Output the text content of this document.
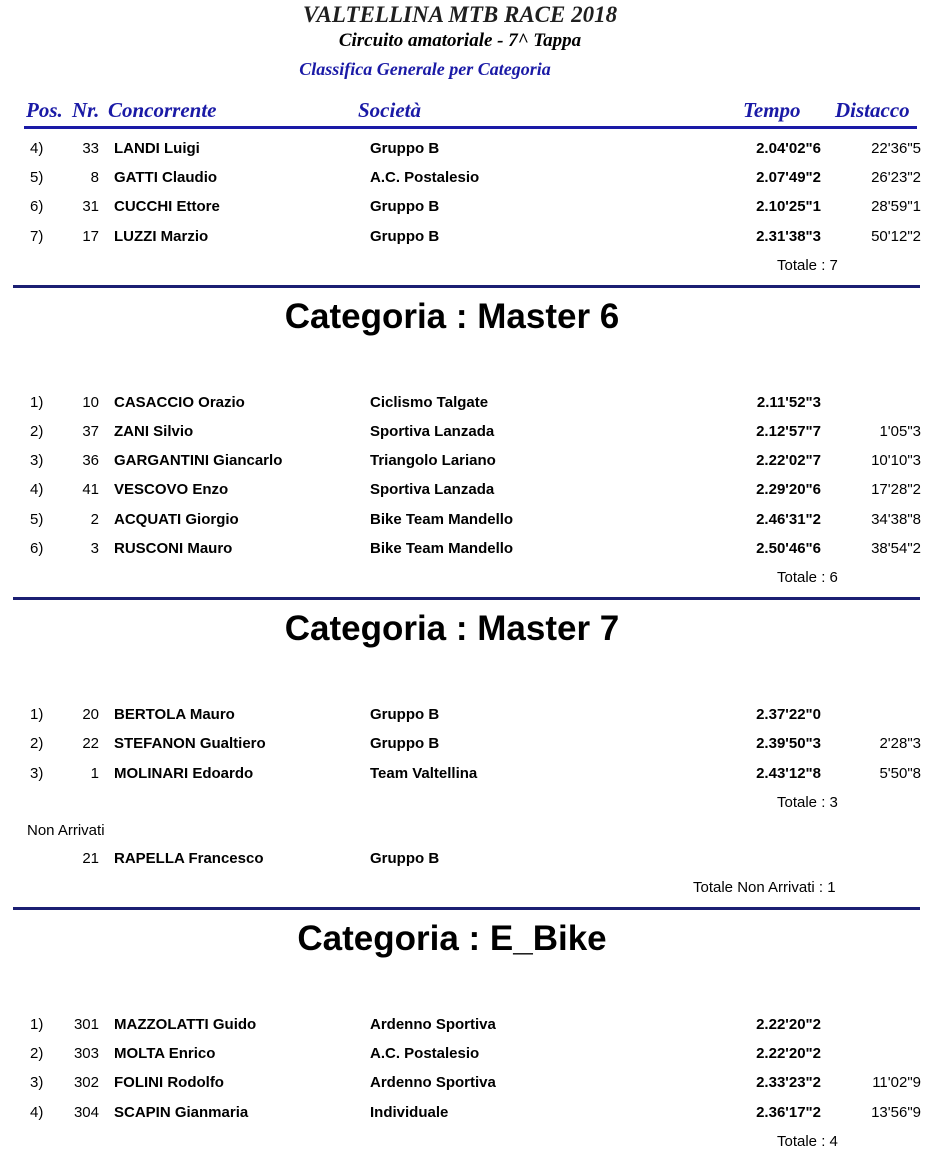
VALTELLINA MTB RACE 2018
Circuito amatoriale - 7^ Tappa
Classifica Generale per Categoria
Pos. Nr. Concorrente	Società	Tempo Distacco
4)	33 LANDI Luigi	Gruppo B	2.04'02"6	22'36"5
5)	8 GATTI Claudio	A.C. Postalesio	2.07'49"2	26'23"2
6)	31 CUCCHI Ettore	Gruppo B	2.10'25"1	28'59"1
7)	17 LUZZI Marzio	Gruppo B	2.31'38"3	50'12"2
Totale : 7
Categoria : Master 6
1)	10 CASACCIO Orazio	Ciclismo Talgate	2.11'52"3
2)	37 ZANI Silvio	Sportiva Lanzada	2.12'57"7	1'05"3
3)	36 GARGANTINI Giancarlo	Triangolo Lariano	2.22'02"7	10'10"3
4)	41 VESCOVO Enzo	Sportiva Lanzada	2.29'20"6	17'28"2
5)	2 ACQUATI Giorgio	Bike Team Mandello	2.46'31"2	34'38"8
6)	3 RUSCONI Mauro	Bike Team Mandello	2.50'46"6	38'54"2
Totale : 6
Categoria : Master 7
1)	20 BERTOLA Mauro	Gruppo B	2.37'22"0
2)	22 STEFANON Gualtiero	Gruppo B	2.39'50"3	2'28"3
3)	1 MOLINARI Edoardo	Team Valtellina	2.43'12"8	5'50"8
Totale : 3
Non Arrivati
21 RAPELLA Francesco	Gruppo B
Totale Non Arrivati : 1
Categoria : E_Bike
1)	301 MAZZOLATTI Guido	Ardenno Sportiva	2.22'20"2
2)	303 MOLTA Enrico	A.C. Postalesio	2.22'20"2
3)	302 FOLINI Rodolfo	Ardenno Sportiva	2.33'23"2	11'02"9
4)	304 SCAPIN Gianmaria	Individuale	2.36'17"2	13'56"9
Totale : 4
